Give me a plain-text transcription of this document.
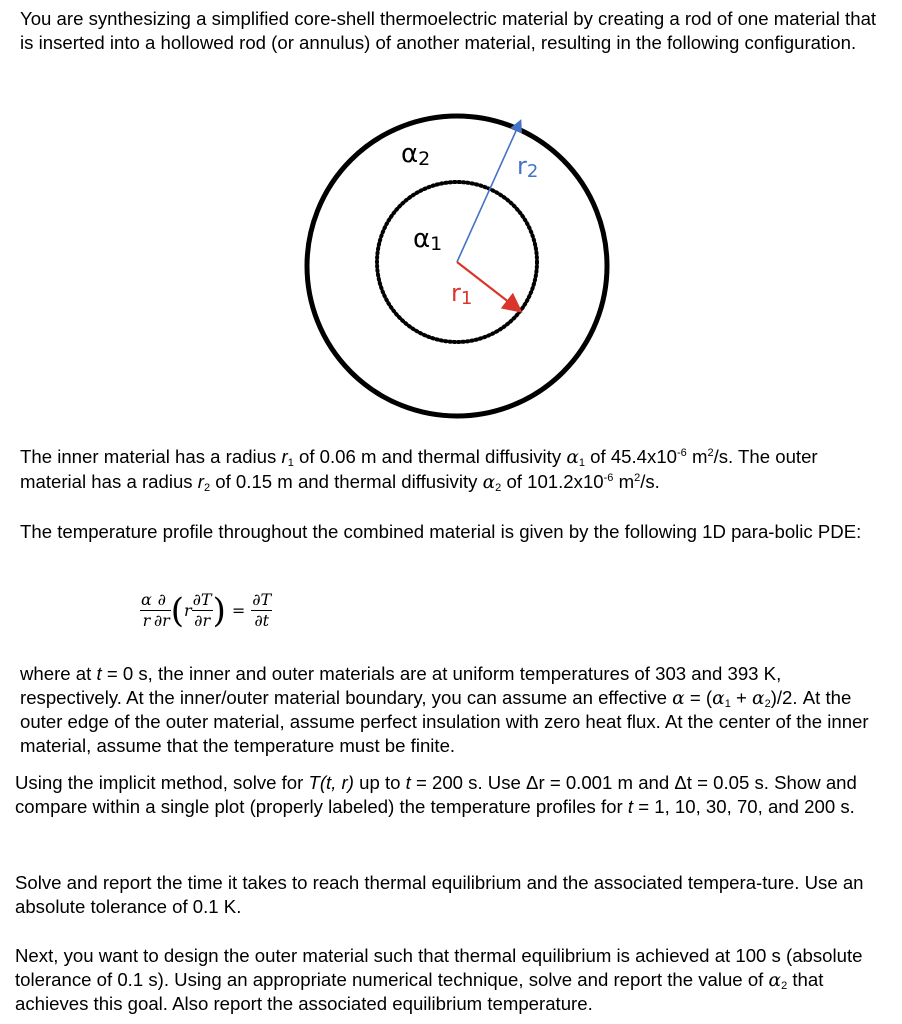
You are synthesizing a simplified core-shell thermoelectric material by creating a rod of one material that is inserted into a hollowed rod (or annulus) of another material, resulting in the following configuration.

α2
α1
r2
r1

The inner material has a radius $r_1$ of 0.06 m and thermal diffusivity $\alpha_1$ of $45.4x10^{-6}$ $m^2/s$. The outer material has a radius $r_2$ of 0.15 m and thermal diffusivity $\alpha_2$ of $101.2x10^{-6}$ $m^2/s$.

The temperature profile throughout the combined material is given by the following 1D para-bolic PDE:

$\frac{\alpha}{r} \frac{\partial}{\partial r} (r \frac{\partial T}{\partial r}$ ) = $\frac{\partial T}{\partial t}$

where at t = 0 s, the inner and outer materials are at uniform temperatures of 303 and 393 K, respectively. At the inner/outer material boundary, you can assume an effective $\alpha = (\alpha_1 + \alpha_2)/2$. At the outer edge of the outer material, assume perfect insulation with zero heat flux. At the center of the inner material, assume that the temperature must be finite.

Using the implicit method, solve for T(t, r) up to t = 200 s. Use Δr = 0.001 m and Δt = 0.05 s. Show and compare within a single plot (properly labeled) the temperature profiles for t = 1, 10, 30, 70, and 200 s.

Solve and report the time it takes to reach thermal equilibrium and the associated tempera-ture. Use an absolute tolerance of 0.1 K.

Next, you want to design the outer material such that thermal equilibrium is achieved at 100 s (absolute tolerance of 0.1 s). Using an appropriate numerical technique, solve and report the value of $\alpha_2$ that achieves this goal. Also report the associated equilibrium temperature.
